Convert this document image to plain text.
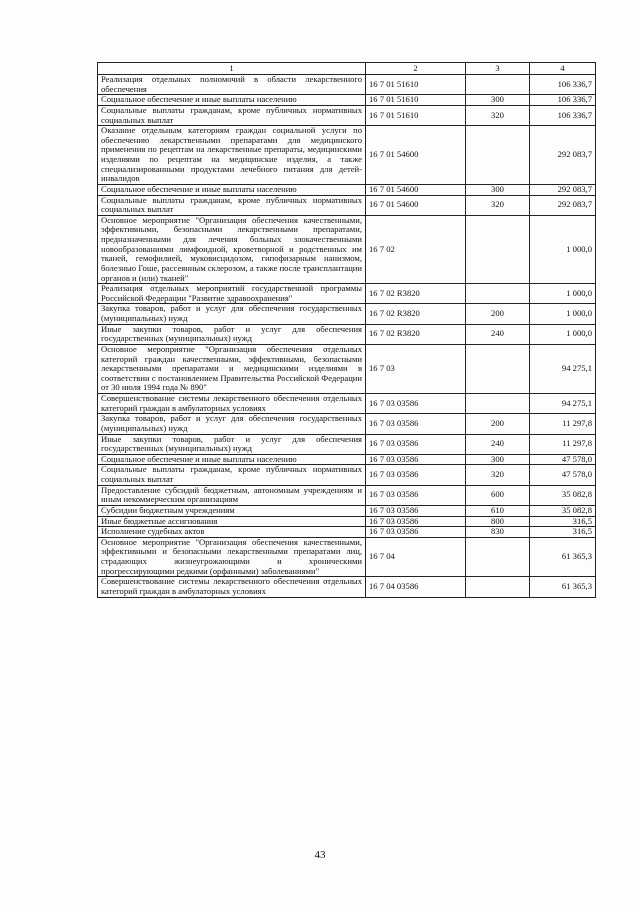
1	2	3	4
Реализация отдельных полномочий в области лекарственного обеспечения	16 7 01 51610		106 336,7
Социальное обеспечение и иные выплаты населению	16 7 01 51610	300	106 336,7
Социальные выплаты гражданам, кроме публичных нормативных социальных выплат	16 7 01 51610	320	106 336,7
Оказание отдельным категориям граждан социальной услуги по обеспечению лекарственными препаратами для медицинского применения по рецептам на лекарственные препараты, медицинскими изделиями по рецептам на медицинские изделия, а также специализированными продуктами лечебного питания для детей-инвалидов	16 7 01 54600		292 083,7
Социальное обеспечение и иные выплаты населению	16 7 01 54600	300	292 083,7
Социальные выплаты гражданам, кроме публичных нормативных социальных выплат	16 7 01 54600	320	292 083,7
Основное мероприятие "Организация обеспечения качественными, эффективными, безопасными лекарственными препаратами, предназначенными для лечения больных злокачественными новообразованиями лимфоидной, кроветворной и родственных им тканей, гемофилией, муковисцидозом, гипофизарным нанизмом, болезнью Гоше, рассеянным склерозом, а также после трансплантации органов и (или) тканей"	16 7 02		1 000,0
Реализация отдельных мероприятий государственной программы Российской Федерации "Развитие здравоохранения"	16 7 02 R3820		1 000,0
Закупка товаров, работ и услуг для обеспечения государственных (муниципальных) нужд	16 7 02 R3820	200	1 000,0
Иные закупки товаров, работ и услуг для обеспечения государственных (муниципальных) нужд	16 7 02 R3820	240	1 000,0
Основное мероприятие "Организация обеспечения отдельных категорий граждан качественными, эффективными, безопасными лекарственными препаратами и медицинскими изделиями в соответствии с постановлением Правительства Российской Федерации от 30 июля 1994 года № 890"	16 7 03		94 275,1
Совершенствование системы лекарственного обеспечения отдельных категорий граждан в амбулаторных условиях	16 7 03 03586		94 275,1
Закупка товаров, работ и услуг для обеспечения государственных (муниципальных) нужд	16 7 03 03586	200	11 297,8
Иные закупки товаров, работ и услуг для обеспечения государственных (муниципальных) нужд	16 7 03 03586	240	11 297,8
Социальное обеспечение и иные выплаты населению	16 7 03 03586	300	47 578,0
Социальные выплаты гражданам, кроме публичных нормативных социальных выплат	16 7 03 03586	320	47 578,0
Предоставление субсидий бюджетным, автономным учреждениям и иным некоммерческим организациям	16 7 03 03586	600	35 082,8
Субсидии бюджетным учреждениям	16 7 03 03586	610	35 082,8
Иные бюджетные ассигнования	16 7 03 03586	800	316,5
Исполнение судебных актов	16 7 03 03586	830	316,5
Основное мероприятие "Организация обеспечения качественными, эффективными и безопасными лекарственными препаратами лиц, страдающих жизнеугрожающими и хроническими прогрессирующими редкими (орфанными) заболеваниями"	16 7 04		61 365,3
Совершенствование системы лекарственного обеспечения отдельных категорий граждан в амбулаторных условиях	16 7 04 03586		61 365,3
43
